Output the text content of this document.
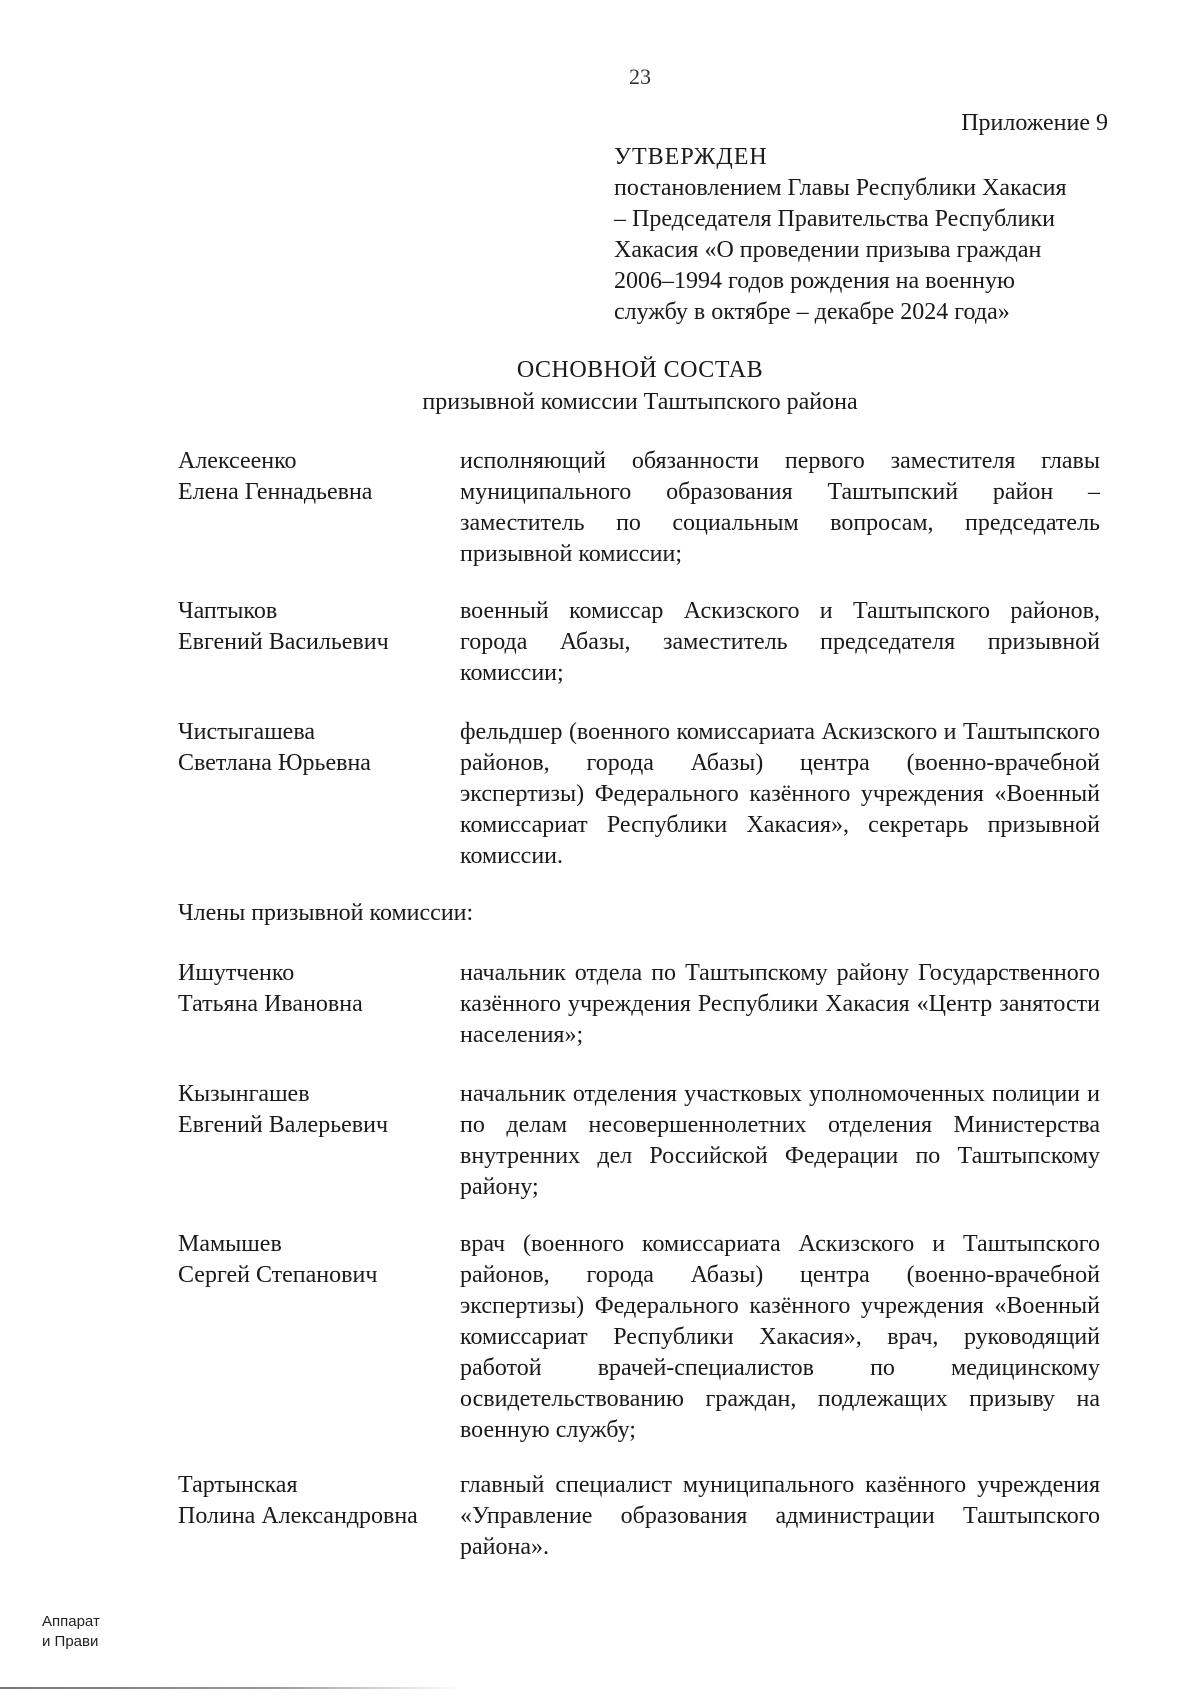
23
Приложение 9
УТВЕРЖДЕН
постановлением Главы Республики Хакасия
– Председателя Правительства Республики
Хакасия «О проведении призыва граждан
2006–1994 годов рождения на военную
службу в октябре – декабре 2024 года»
ОСНОВНОЙ СОСТАВ
призывной комиссии Таштыпского района
Алексеенко
Елена Геннадьевна
исполняющий обязанности первого заместителя главы муниципального образования Таштыпский район – заместитель по социальным вопросам, председатель призывной комиссии;
Чаптыков
Евгений Васильевич
военный комиссар Аскизского и Таштыпского районов, города Абазы, заместитель председателя призывной комиссии;
Чистыгашева
Светлана Юрьевна
фельдшер (военного комиссариата Аскизского и Таштыпского районов, города Абазы) центра (военно-врачебной экспертизы) Федерального казённого учреждения «Военный комиссариат Республики Хакасия», секретарь призывной комиссии.
Ишутченко
Татьяна Ивановна
начальник отдела по Таштыпскому району Государственного казённого учреждения Республики Хакасия «Центр занятости населения»;
Кызынгашев
Евгений Валерьевич
начальник отделения участковых уполномоченных полиции и по делам несовершеннолетних отделения Министерства внутренних дел Российской Федерации по Таштыпскому району;
Мамышев
Сергей Степанович
врач (военного комиссариата Аскизского и Таштыпского районов, города Абазы) центра (военно-врачебной экспертизы) Федерального казённого учреждения «Военный комиссариат Республики Хакасия», врач, руководящий работой врачей-специалистов по медицинскому освидетельствованию граждан, подлежащих призыву на военную службу;
Тартынская
Полина Александровна
главный специалист муниципального казённого учреждения «Управление образования администрации Таштыпского района».
Члены призывной комиссии:
Аппарат
и Прави
